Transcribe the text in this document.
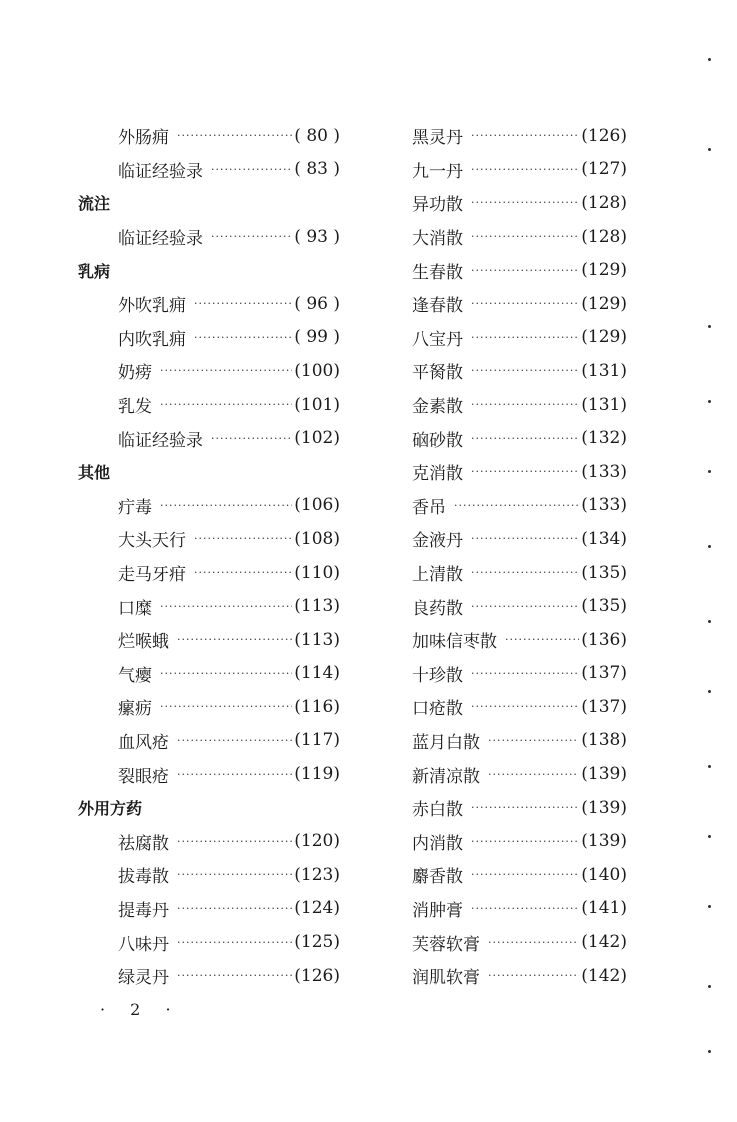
外肠痈 ·····	( 80 )
临证经验录 ·····	( 83 )
流注
临证经验录 ·····	( 93 )
乳病
外吹乳痈 ·····	( 96 )
内吹乳痈 ·····	( 99 )
奶痨 ·····	(100)
乳发 ·····	(101)
临证经验录 ·····	(102)
其他
疔毒 ·····	(106)
大头天行 ·····	(108)
走马牙疳 ·····	(110)
口糜 ·····	(113)
烂喉蛾 ·····	(113)
气瘿 ·····	(114)
瘰疬 ·····	(116)
血风疮 ·····	(117)
裂眼疮 ·····	(119)
外用方药
祛腐散 ·····	(120)
拔毒散 ·····	(123)
提毒丹 ·····	(124)
八味丹 ·····	(125)
绿灵丹 ·····	(126)
黑灵丹 ·····	(126)
九一丹 ·····	(127)
异功散 ·····	(128)
大消散 ·····	(128)
生春散 ·····	(129)
逢春散 ·····	(129)
八宝丹 ·····	(129)
平胬散 ·····	(131)
金素散 ·····	(131)
硇砂散 ·····	(132)
克消散 ·····	(133)
香吊 ·····	(133)
金液丹 ·····	(134)
上清散 ·····	(135)
良药散 ·····	(135)
加味信枣散 ·····	(136)
十珍散 ·····	(137)
口疮散 ·····	(137)
蓝月白散 ·····	(138)
新清凉散 ·····	(139)
赤白散 ·····	(139)
内消散 ·····	(139)
麝香散 ·····	(140)
消肿膏 ·····	(141)
芙蓉软膏 ·····	(142)
润肌软膏 ·····	(142)
· 2 ·
